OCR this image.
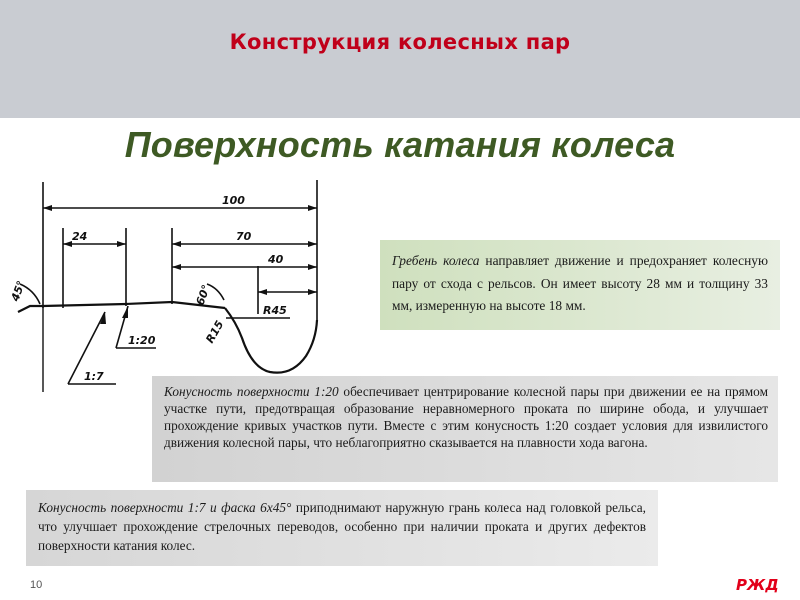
Конструкция колесных пар
Поверхность катания колеса
24
100
70
40
45°	60°
R45
R15
1:20
1:7
Гребень колеса направляет движение и предохраняет колесную пару от схода с рельсов. Он имеет высоту 28 мм и толщину 33 мм, измеренную на высоте 18 мм.
Конусность поверхности 1:20 обеспечивает центрирование колесной пары при движении ее на прямом участке пути, предотвращая образование неравномерного проката по ширине обода, и улучшает прохождение кривых участков пути. Вместе с этим конусность 1:20 создает условия для извилистого движения колесной пары, что неблагоприятно сказывается на плавности хода вагона.
Конусность поверхности 1:7 и фаска 6х45° приподнимают наружную грань колеса над головкой рельса, что улучшает прохождение стрелочных переводов, особенно при наличии проката и других дефектов поверхности катания колес.
10	РЖД
